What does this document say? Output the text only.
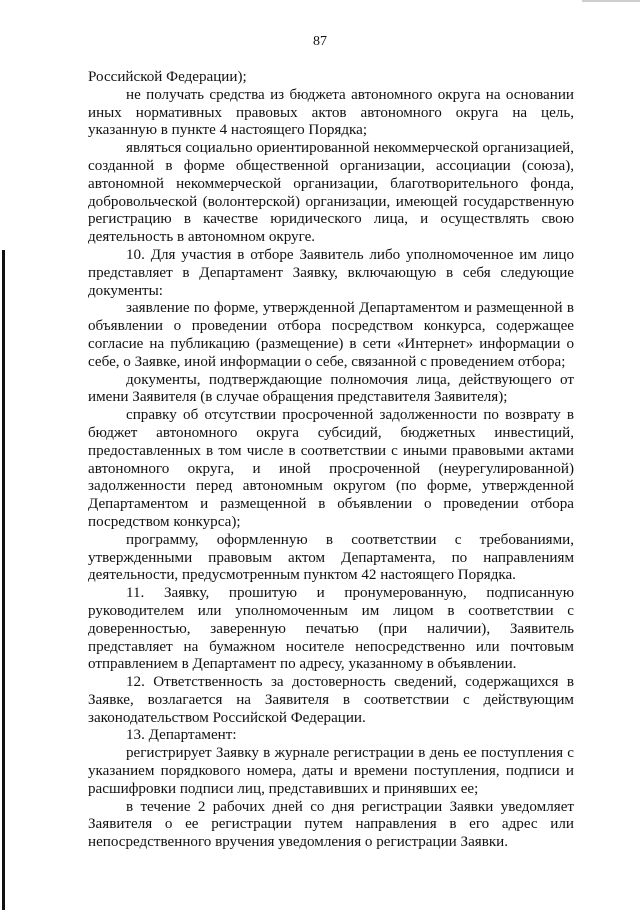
87

Российской Федерации);

не получать средства из бюджета автономного округа на основании иных нормативных правовых актов автономного округа на цель, указанную в пункте 4 настоящего Порядка;

являться социально ориентированной некоммерческой организацией, созданной в форме общественной организации, ассоциации (союза), автономной некоммерческой организации, благотворительного фонда, добровольческой (волонтерской) организации, имеющей государственную регистрацию в качестве юридического лица, и осуществлять свою деятельность в автономном округе.

10. Для участия в отборе Заявитель либо уполномоченное им лицо представляет в Департамент Заявку, включающую в себя следующие документы:

заявление по форме, утвержденной Департаментом и размещенной в объявлении о проведении отбора посредством конкурса, содержащее согласие на публикацию (размещение) в сети «Интернет» информации о себе, о Заявке, иной информации о себе, связанной с проведением отбора;

документы, подтверждающие полномочия лица, действующего от имени Заявителя (в случае обращения представителя Заявителя);

справку об отсутствии просроченной задолженности по возврату в бюджет автономного округа субсидий, бюджетных инвестиций, предоставленных в том числе в соответствии с иными правовыми актами автономного округа, и иной просроченной (неурегулированной) задолженности перед автономным округом (по форме, утвержденной Департаментом и размещенной в объявлении о проведении отбора посредством конкурса);

программу, оформленную в соответствии с требованиями, утвержденными правовым актом Департамента, по направлениям деятельности, предусмотренным пунктом 42 настоящего Порядка.

11. Заявку, прошитую и пронумерованную, подписанную руководителем или уполномоченным им лицом в соответствии с доверенностью, заверенную печатью (при наличии), Заявитель представляет на бумажном носителе непосредственно или почтовым отправлением в Департамент по адресу, указанному в объявлении.

12. Ответственность за достоверность сведений, содержащихся в Заявке, возлагается на Заявителя в соответствии с действующим законодательством Российской Федерации.

13. Департамент:

регистрирует Заявку в журнале регистрации в день ее поступления с указанием порядкового номера, даты и времени поступления, подписи и расшифровки подписи лиц, представивших и принявших ее;

в течение 2 рабочих дней со дня регистрации Заявки уведомляет Заявителя о ее регистрации путем направления в его адрес или непосредственного вручения уведомления о регистрации Заявки.
